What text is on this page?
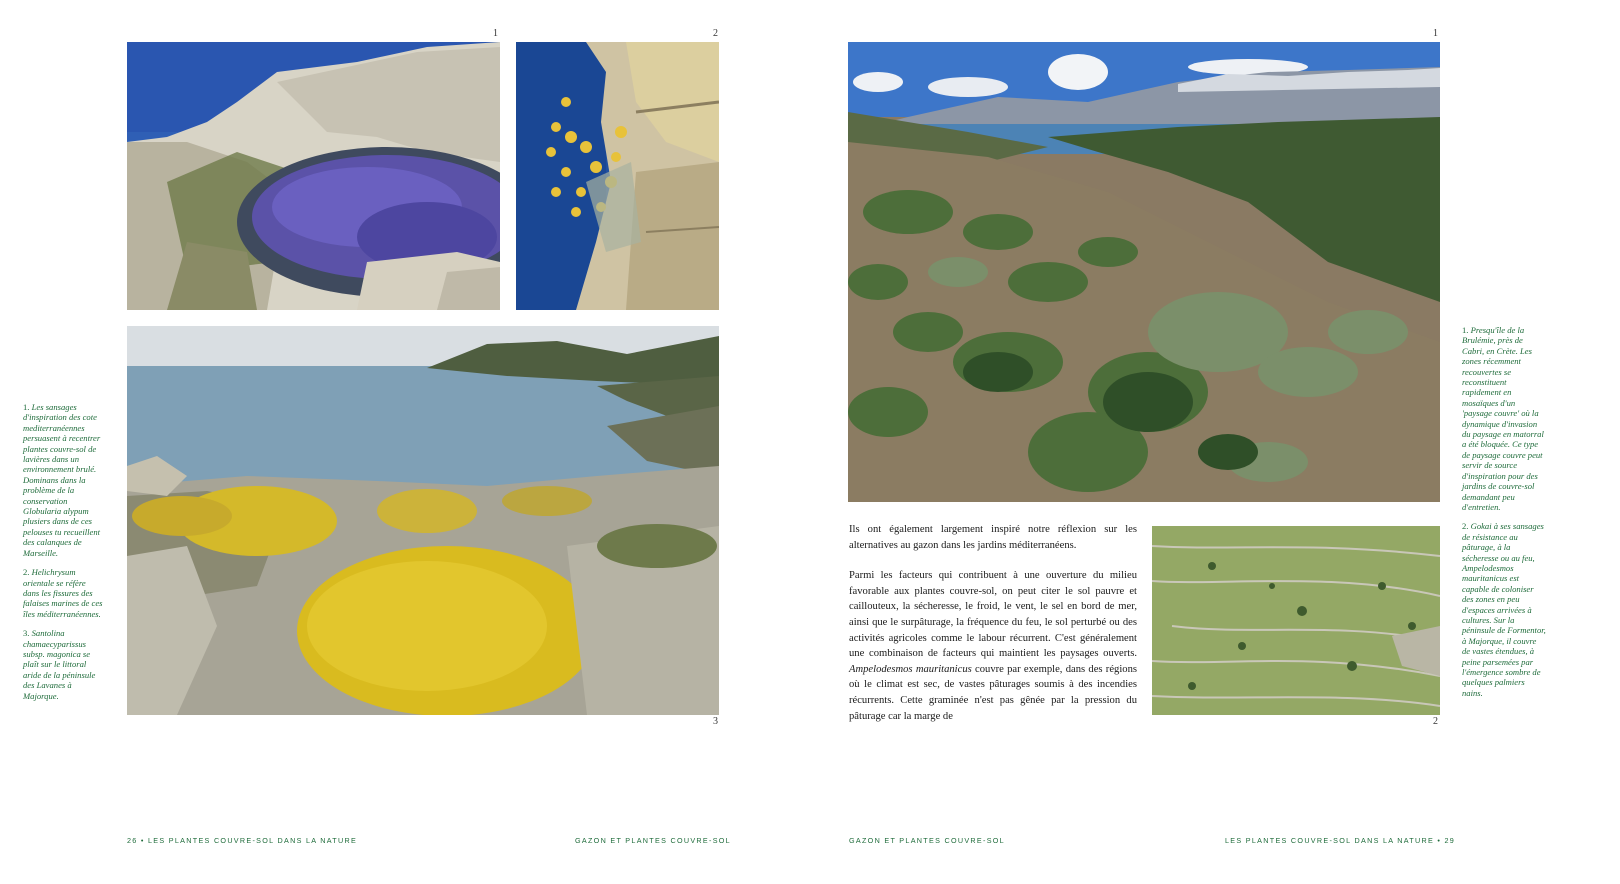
1	2
3

1. Les sansages d'inspiration des cote mediterranéennes persuasent à recentrer plantes couvre-sol de lavières dans un environnement brulé. Dominans dans la problème de la conservation Globularia alypum plusiers dans de ces pelouses tu recueillent des calanques de Marseille.

2. Helichrysum orientale se réfère dans les fissures des falaises marines de ces îles méditerranéennes.

3. Santolina chamaecyparissus subsp. magonica se plaît sur le littoral aride de la péninsule des Lavanes à Majorque.

26 • LES PLANTES COUVRE-SOL DANS LA NATURE	GAZON ET PLANTES COUVRE-SOL
1
2

Ils ont également largement inspiré notre réflexion sur les alternatives au gazon dans les jardins méditerranéens.

Parmi les facteurs qui contribuent à une ouverture du milieu favorable aux plantes couvre-sol, on peut citer le sol pauvre et caillouteux, la sécheresse, le froid, le vent, le sel en bord de mer, ainsi que le surpâturage, la fréquence du feu, le sol perturbé ou des activités agricoles comme le labour récurrent. C'est généralement une combinaison de facteurs qui maintient les paysages ouverts. Ampelodesmos mauritanicus couvre par exemple, dans des régions où le climat est sec, de vastes pâturages soumis à des incendies récurrents. Cette graminée n'est pas gênée par la pression du pâturage car la marge de

1. Presqu'île de la Brulémie, près de Cabri, en Crète. Les zones récemment recouvertes se reconstituent rapidement en mosaïques d'un 'paysage couvre' où la dynamique d'invasion du paysage en matorral a été bloquée. Ce type de paysage couvre peut servir de source d'inspiration pour des jardins de couvre-sol demandant peu d'entretien.

2. Gokai à ses sansages de résistance au pâturage, à la sécheresse ou au feu, Ampelodesmos mauritanicus est capable de coloniser des zones en peu d'espaces arrivées à cultures. Sur la péninsule de Formentor, à Majorque, il couvre de vastes étendues, à peine parsemées par l'émergence sombre de quelques palmiers nains.

GAZON ET PLANTES COUVRE-SOL	LES PLANTES COUVRE-SOL DANS LA NATURE • 29
